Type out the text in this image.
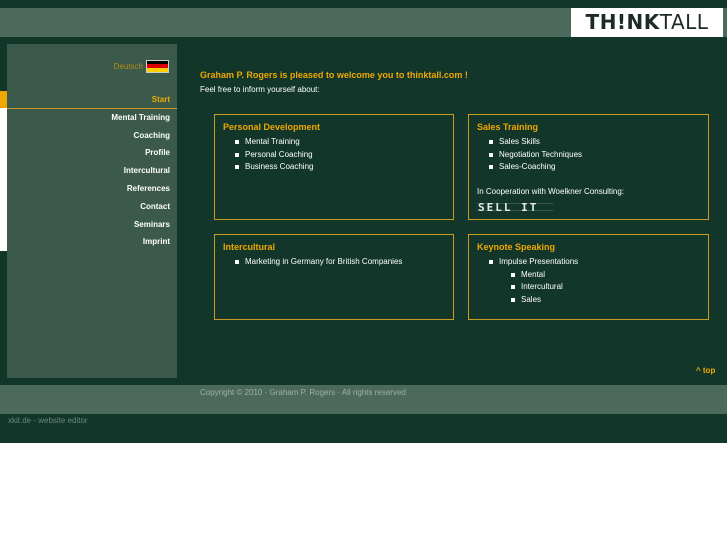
TH!NKTALL
Deutsch
Start
Mental Training
Coaching
Profile
Intercultural
References
Contact
Seminars
Imprint
Graham P. Rogers is pleased to welcome you to thinktall.com !
Feel free to inform yourself about:
Personal Development
Mental Training
Personal Coaching
Business Coaching
Sales Training
Sales Skills
Negotiation Techniques
Sales-Coaching
In Cooperation with Woelkner Consulting:
SELL IT
Intercultural
Marketing in Germany for British Companies
Keynote Speaking
Impulse Presentations
Mental
Intercultural
Sales
^ top
Copyright © 2010 · Graham P. Rogers · All rights reserved
xkit.de - website editor
